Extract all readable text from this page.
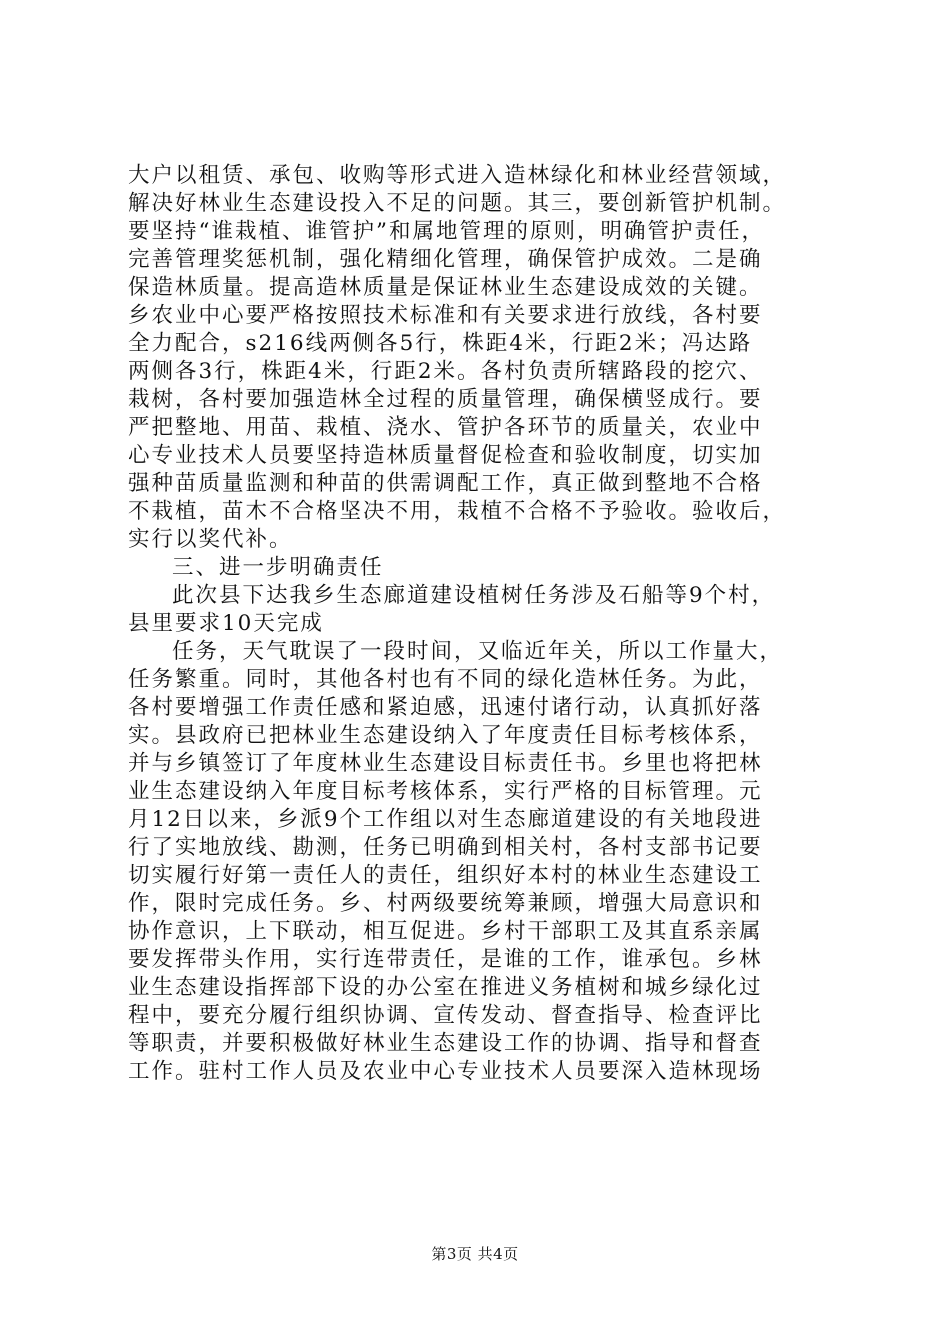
大户以租赁、承包、收购等形式进入造林绿化和林业经营领域，
解决好林业生态建设投入不足的问题。其三，要创新管护机制。
要坚持“谁栽植、谁管护”和属地管理的原则，明确管护责任，
完善管理奖惩机制，强化精细化管理，确保管护成效。二是确
保造林质量。提高造林质量是保证林业生态建设成效的关键。
乡农业中心要严格按照技术标准和有关要求进行放线，各村要
全力配合，s216线两侧各5行，株距4米，行距2米；冯达路
两侧各3行，株距4米，行距2米。各村负责所辖路段的挖穴、
栽树，各村要加强造林全过程的质量管理，确保横竖成行。要
严把整地、用苗、栽植、浇水、管护各环节的质量关，农业中
心专业技术人员要坚持造林质量督促检查和验收制度，切实加
强种苗质量监测和种苗的供需调配工作，真正做到整地不合格
不栽植，苗木不合格坚决不用，栽植不合格不予验收。验收后，
实行以奖代补。
三、进一步明确责任
此次县下达我乡生态廊道建设植树任务涉及石船等9个村，
县里要求10天完成
任务，天气耽误了一段时间，又临近年关，所以工作量大，
任务繁重。同时，其他各村也有不同的绿化造林任务。为此，
各村要增强工作责任感和紧迫感，迅速付诸行动，认真抓好落
实。县政府已把林业生态建设纳入了年度责任目标考核体系，
并与乡镇签订了年度林业生态建设目标责任书。乡里也将把林
业生态建设纳入年度目标考核体系，实行严格的目标管理。元
月12日以来，乡派9个工作组以对生态廊道建设的有关地段进
行了实地放线、勘测，任务已明确到相关村，各村支部书记要
切实履行好第一责任人的责任，组织好本村的林业生态建设工
作，限时完成任务。乡、村两级要统筹兼顾，增强大局意识和
协作意识，上下联动，相互促进。乡村干部职工及其直系亲属
要发挥带头作用，实行连带责任，是谁的工作，谁承包。乡林
业生态建设指挥部下设的办公室在推进义务植树和城乡绿化过
程中，要充分履行组织协调、宣传发动、督查指导、检查评比
等职责，并要积极做好林业生态建设工作的协调、指导和督查
工作。驻村工作人员及农业中心专业技术人员要深入造林现场
第3页 共4页
